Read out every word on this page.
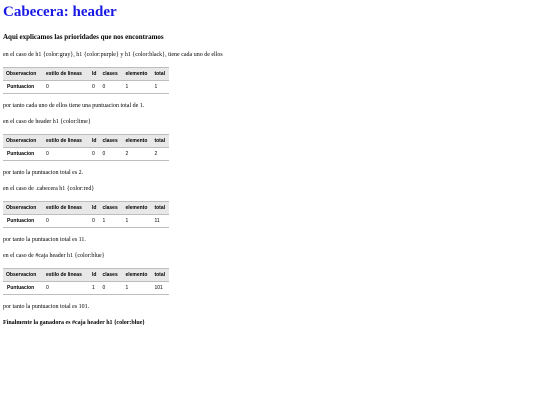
Cabecera: header
Aqui explicamos las prioridades que nos encontramos

en el caso de h1 {color:gray}, h1 {color:purple} y h1 {color:black}, tiene cada uno de ellos

Observacion	estilo de lineas	Id	clases	elemento	total
Puntuacion	0	0	0	1	1

por tanto cada uno de ellos tiene una puntuacion total de 1.

en el caso de header h1 {color:lime}

Observacion	estilo de lineas	Id	clases	elemento	total
Puntuacion	0	0	0	2	2

por tanto la puntuacion total es 2.

en el caso de .cabecera h1 {color:red}

Observacion	estilo de lineas	Id	clases	elemento	total
Puntuacion	0	0	1	1	11

por tanto la puntuacion total es 11.

en el caso de #caja header h1 {color:blue}

Observacion	estilo de lineas	Id	clases	elemento	total
Puntuacion	0	1	0	1	101

por tanto la puntuacion total es 101.

Finalmente la ganadora es #caja header h1 {color:blue}
